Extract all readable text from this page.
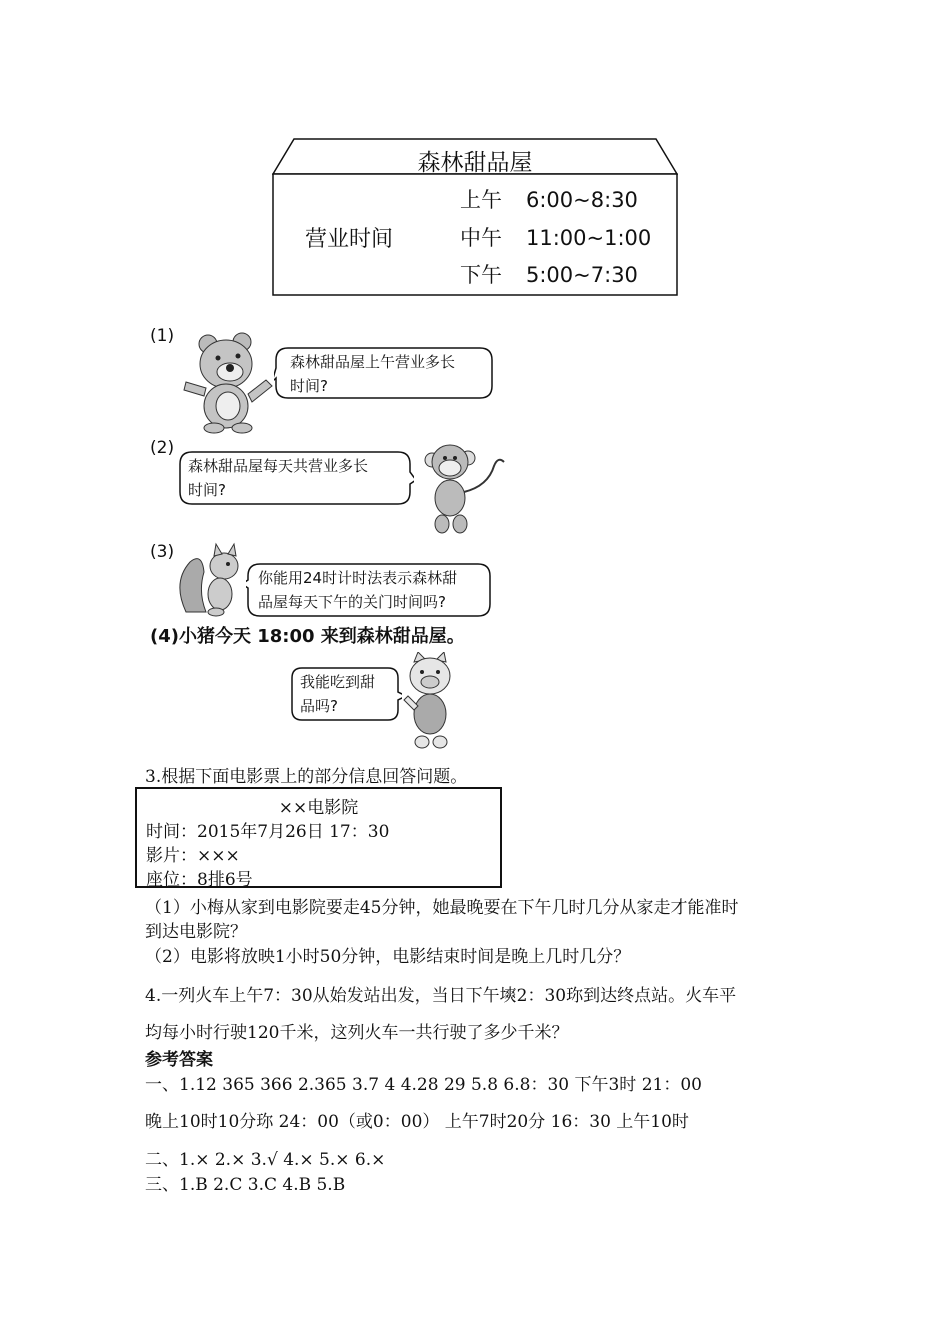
森林甜品屋
营业时间
上午 6:00~8:30
中午 11:00~1:00
下午 5:00~7:30
(1)
森林甜品屋上午营业多长
时间?
(2)
森林甜品屋每天共营业多长
时间?
(3)
你能用24时计时法表示森林甜
品屋每天下午的关门时间吗?
(4)小猪今天 18:00 来到森林甜品屋。
我能吃到甜
品吗?
3.根据下面电影票上的部分信息回答问题。
××电影院
时间：2015年7月26日 17：30
影片：×××
座位：8排6号
（1）小梅从家到电影院要走45分钟，她最晚要在下午几时几分从家走才能准时
到达电影院？
（2）电影将放映1小时50分钟，电影结束时间是晚上几时几分？
4.一列火车上午7：30从始发站出发，当日下午塽2：30珎到达终点站。火车平
均每小时行驶120千米，这列火车一共行驶了多少千米？
参考答案
一、1.12 365 366 2.365 3.7 4 4.28 29 5.8 6.8：30 下午3时 21：00
晚上10时10分珎 24：00（或0：00） 上午7时20分 16：30 上午10时
二、1.× 2.× 3.√ 4.× 5.× 6.×
三、1.B 2.C 3.C 4.B 5.B
